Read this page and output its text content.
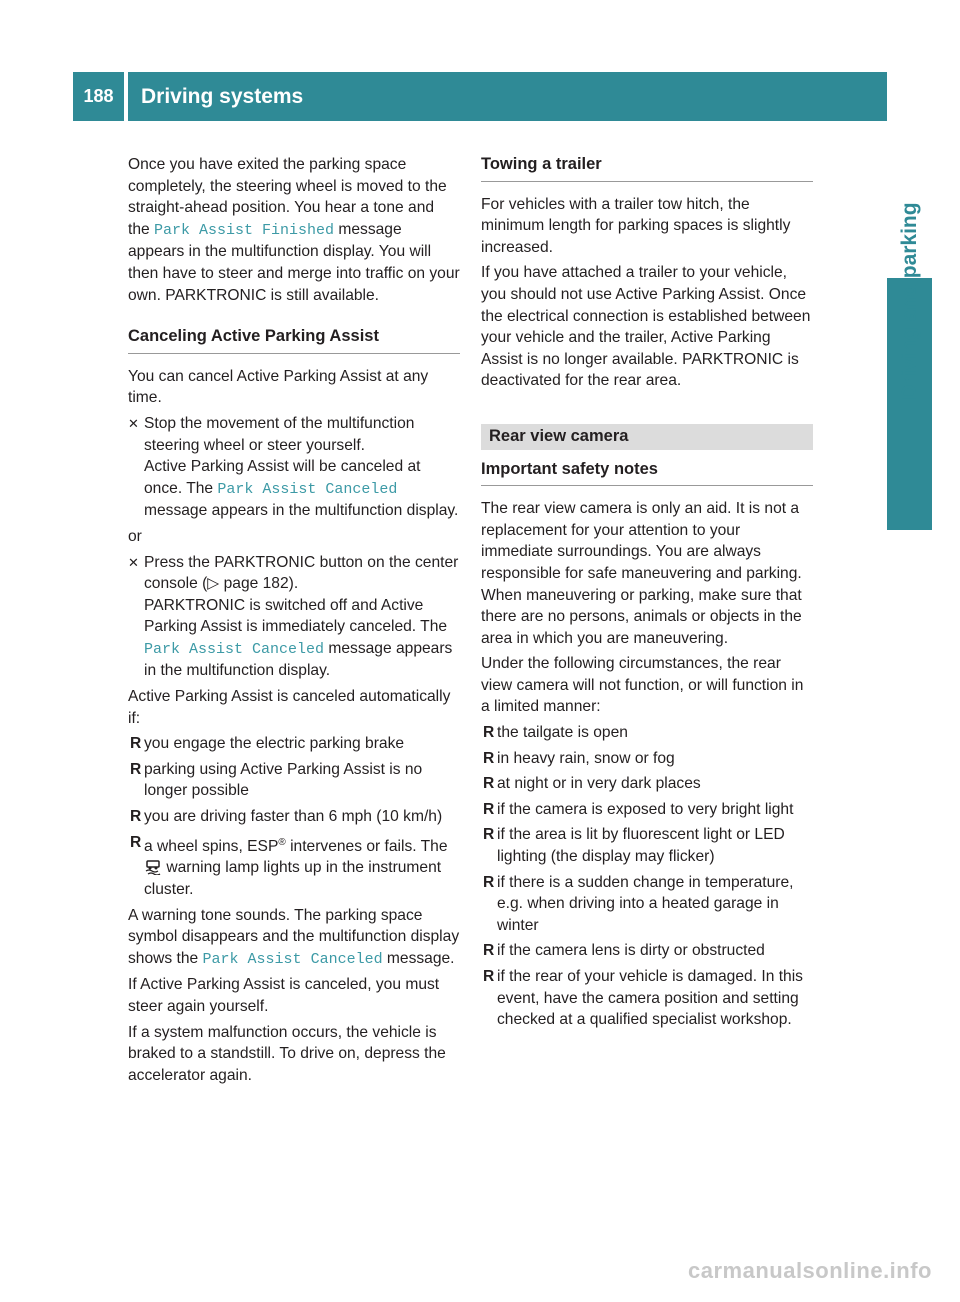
188	Driving systems
Driving and parking

Once you have exited the parking space completely, the steering wheel is moved to the straight-ahead position. You hear a tone and the Park Assist Finished message appears in the multifunction display. You will then have to steer and merge into traffic on your own. PARKTRONIC is still available.

Canceling Active Parking Assist

You can cancel Active Parking Assist at any time.

✕ Stop the movement of the multifunction steering wheel or steer yourself.
Active Parking Assist will be canceled at once. The Park Assist Canceled message appears in the multifunction display.

or

✕ Press the PARKTRONIC button on the center console (▷ page 182).
PARKTRONIC is switched off and Active Parking Assist is immediately canceled. The Park Assist Canceled message appears in the multifunction display.

Active Parking Assist is canceled automatically if:

R you engage the electric parking brake
R parking using Active Parking Assist is no longer possible
R you are driving faster than 6 mph (10 km/h)
R a wheel spins, ESP® intervenes or fails. The  warning lamp lights up in the instrument cluster.

A warning tone sounds. The parking space symbol disappears and the multifunction display shows the Park Assist Canceled message.

If Active Parking Assist is canceled, you must steer again yourself.

If a system malfunction occurs, the vehicle is braked to a standstill. To drive on, depress the accelerator again.

Towing a trailer

For vehicles with a trailer tow hitch, the minimum length for parking spaces is slightly increased.

If you have attached a trailer to your vehicle, you should not use Active Parking Assist. Once the electrical connection is established between your vehicle and the trailer, Active Parking Assist is no longer available. PARKTRONIC is deactivated for the rear area.

Rear view camera
Important safety notes

The rear view camera is only an aid. It is not a replacement for your attention to your immediate surroundings. You are always responsible for safe maneuvering and parking. When maneuvering or parking, make sure that there are no persons, animals or objects in the area in which you are maneuvering.

Under the following circumstances, the rear view camera will not function, or will function in a limited manner:

R the tailgate is open
R in heavy rain, snow or fog
R at night or in very dark places
R if the camera is exposed to very bright light
R if the area is lit by fluorescent light or LED lighting (the display may flicker)
R if there is a sudden change in temperature, e.g. when driving into a heated garage in winter
R if the camera lens is dirty or obstructed
R if the rear of your vehicle is damaged. In this event, have the camera position and setting checked at a qualified specialist workshop.
carmanualsonline.info
